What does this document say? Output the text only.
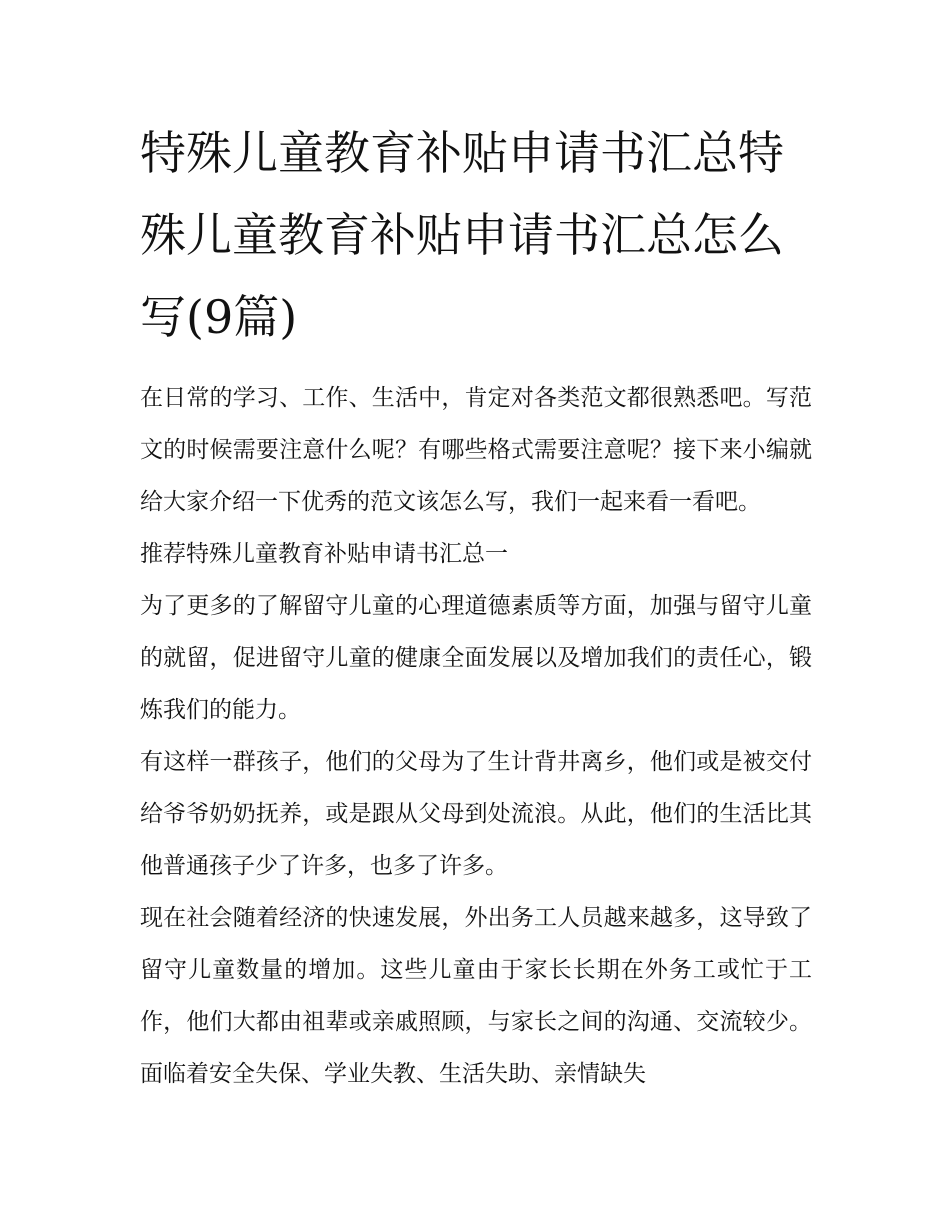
特殊儿童教育补贴申请书汇总特殊儿童教育补贴申请书汇总怎么写(9篇)

在日常的学习、工作、生活中，肯定对各类范文都很熟悉吧。写范文的时候需要注意什么呢？有哪些格式需要注意呢？接下来小编就给大家介绍一下优秀的范文该怎么写，我们一起来看一看吧。

推荐特殊儿童教育补贴申请书汇总一

为了更多的了解留守儿童的心理道德素质等方面，加强与留守儿童的就留，促进留守儿童的健康全面发展以及增加我们的责任心，锻炼我们的能力。

有这样一群孩子，他们的父母为了生计背井离乡，他们或是被交付给爷爷奶奶抚养，或是跟从父母到处流浪。从此，他们的生活比其他普通孩子少了许多，也多了许多。

现在社会随着经济的快速发展，外出务工人员越来越多，这导致了留守儿童数量的增加。这些儿童由于家长长期在外务工或忙于工作，他们大都由祖辈或亲戚照顾，与家长之间的沟通、交流较少。面临着安全失保、学业失教、生活失助、亲情缺失
